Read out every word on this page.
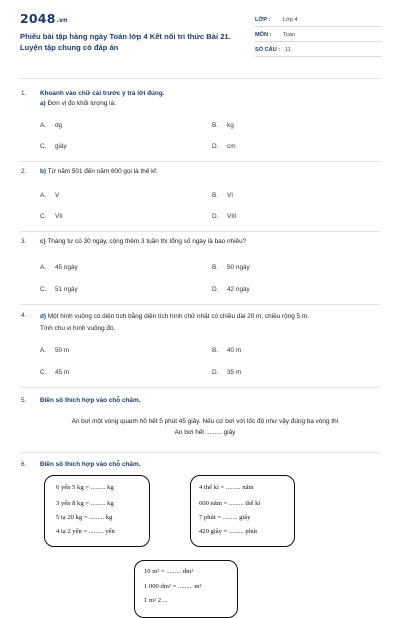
2048.vn
Phiếu bài tập hàng ngày Toán lớp 4 Kết nối tri thức Bài 21.
Luyện tập chung có đáp án
LỚP : Lớp 4
MÔN : Toán
SỐ CÂU : 11
1. Khoanh vào chữ cái trước ý trả lời đúng.
a) Đơn vị đo khối lượng là:
A. dg	B. kg
C. giây	D. cm
2. b) Từ năm 501 đến năm 600 gọi là thế kỉ:
A. V	B. VI
C. VII	D. VIII
3. c) Tháng tư có 30 ngày, cộng thêm 3 tuần thì tổng số ngày là bao nhiêu?
A. 45 ngày	B. 50 ngày
C. 51 ngày	D. 42 ngày
4. d) Một hình vuông có diện tích bằng diện tích hình chữ nhật có chiều dài 20 m, chiều rộng 5 m.
Tính chu vi hình vuông đó.
A. 50 m	B. 40 m
C. 45 m	D. 35 m
5. Điền số thích hợp vào chỗ chấm.
An bơi một vòng quanh hồ hết 5 phút 45 giây. Nếu cứ bơi với tốc độ như vậy đúng ba vòng thì
An bơi hết ......... giây
6. Điền số thích hợp vào chỗ chấm.
6 yến 5 kg = ......... kg
3 yến 8 kg = ......... kg
5 tạ 20 kg = ......... kg
4 tạ 2 yến = ......... yến
4 thế kỉ = ......... năm
600 năm = ......... thế kỉ
7 phút = ......... giây
420 giây = ......... phút
10 m² = ......... dm²
1 000 dm² = ......... m²
1 m² 2 ...
